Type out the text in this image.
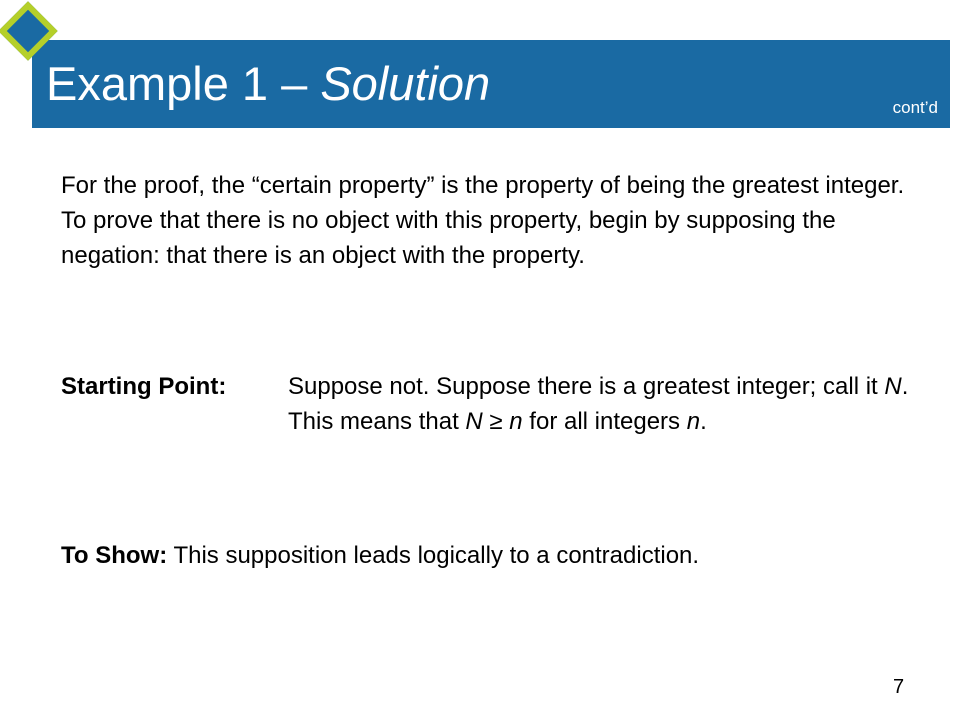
Example 1 – Solution	cont’d
For the proof, the “certain property” is the property of being the greatest integer. To prove that there is no object with this property, begin by supposing the negation: that there is an object with the property.
Starting Point:	Suppose not. Suppose there is a greatest integer; call it N. This means that N ≥ n for all integers n.
To Show: This supposition leads logically to a contradiction.
7
